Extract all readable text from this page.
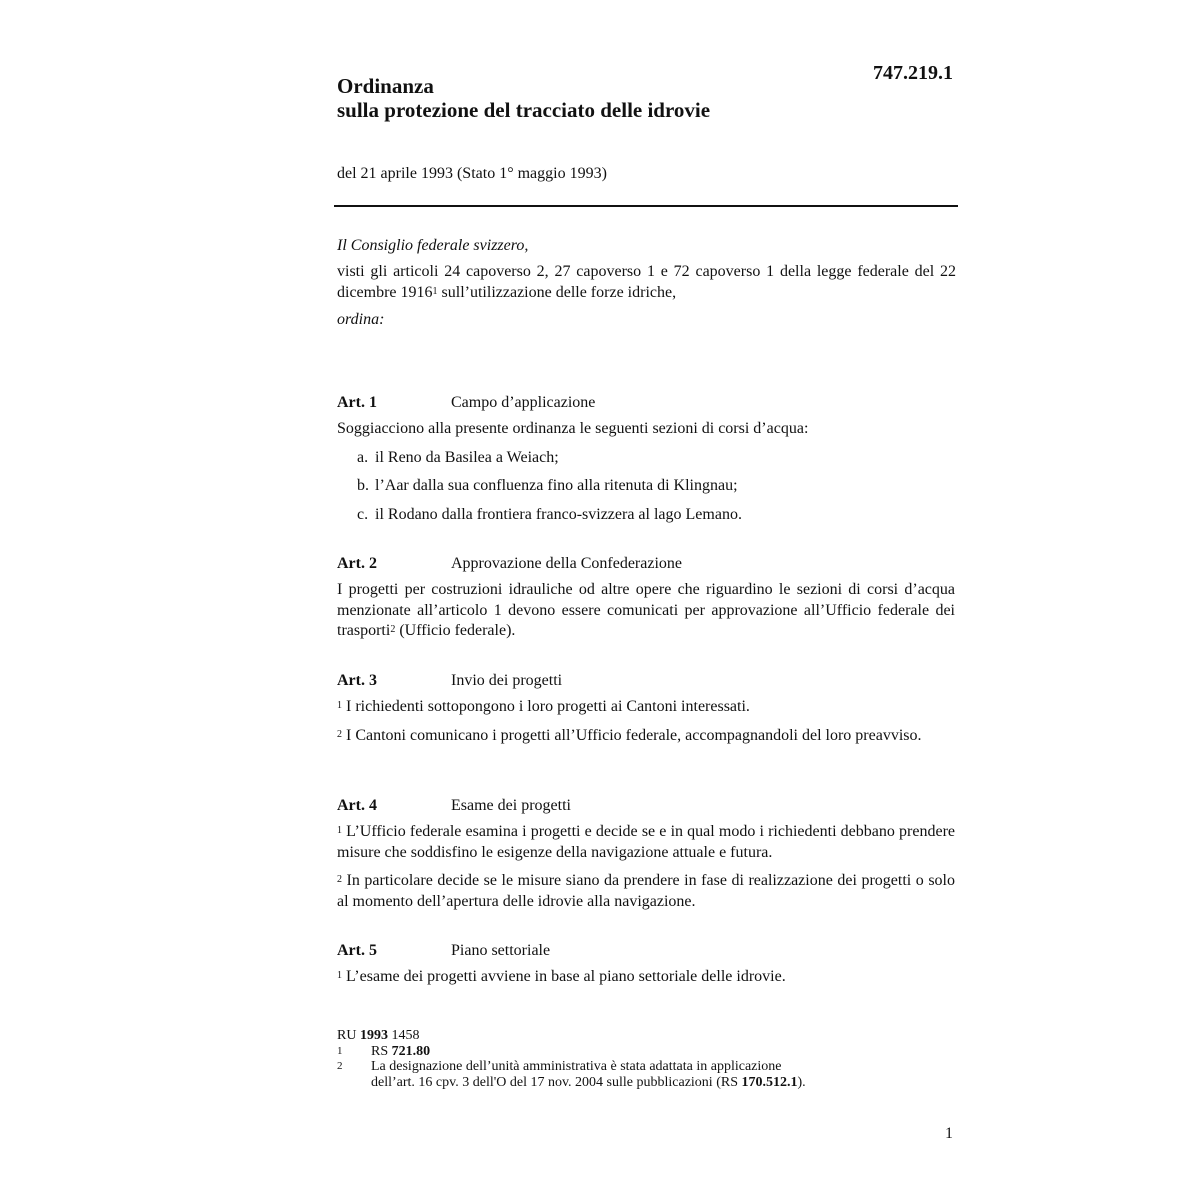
747.219.1
Ordinanza
sulla protezione del tracciato delle idrovie
del 21 aprile 1993 (Stato 1° maggio 1993)
Il Consiglio federale svizzero,
visti gli articoli 24 capoverso 2, 27 capoverso 1 e 72 capoverso 1 della legge federale del 22 dicembre 1916$^1$ sull’utilizzazione delle forze idriche,
ordina:
Art. 1	Campo d’applicazione

Soggiacciono alla presente ordinanza le seguenti sezioni di corsi d’acqua:

a. il Reno da Basilea a Weiach;
b. l’Aar dalla sua confluenza fino alla ritenuta di Klingnau;
c. il Rodano dalla frontiera franco-svizzera al lago Lemano.
Art. 2	Approvazione della Confederazione

I progetti per costruzioni idrauliche od altre opere che riguardino le sezioni di corsi d’acqua menzionate all’articolo 1 devono essere comunicati per approvazione all’Ufficio federale dei trasporti$^2$ (Ufficio federale).

Art. 3	Invio dei progetti

$^1$ I richiedenti sottopongono i loro progetti ai Cantoni interessati.

$^2$ I Cantoni comunicano i progetti all’Ufficio federale, accompagnandoli del loro preavviso.

Art. 4	Esame dei progetti

$^1$ L’Ufficio federale esamina i progetti e decide se e in qual modo i richiedenti debbano prendere misure che soddisfino le esigenze della navigazione attuale e futura.

$^2$ In particolare decide se le misure siano da prendere in fase di realizzazione dei progetti o solo al momento dell’apertura delle idrovie alla navigazione.

Art. 5	Piano settoriale

$^1$ L’esame dei progetti avviene in base al piano settoriale delle idrovie.

RU 1993 1458
1	RS 721.80
2	La designazione dell’unità amministrativa è stata adattata in applicazione
dell’art. 16 cpv. 3 dell'O del 17 nov. 2004 sulle pubblicazioni (RS 170.512.1).
1
